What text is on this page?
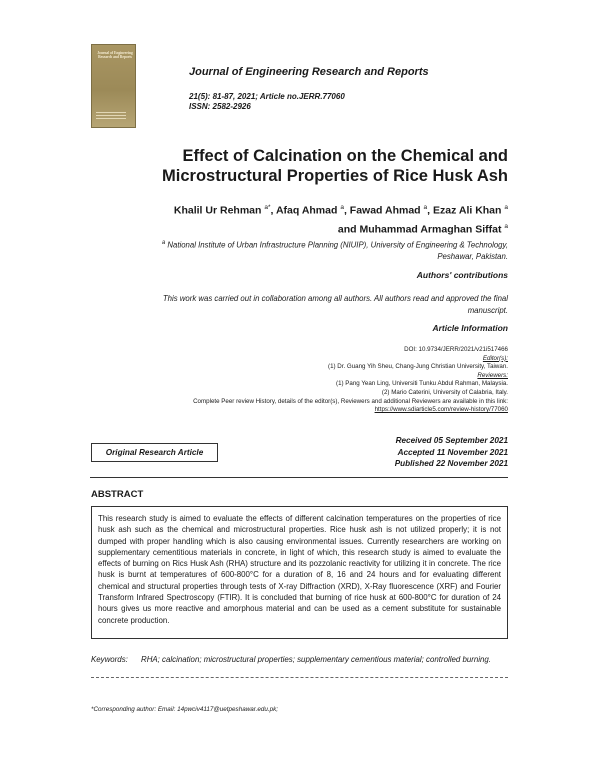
Journal of Engineering Research and Reports
Journal of Engineering Research and Reports
21(5): 81-87, 2021; Article no.JERR.77060
ISSN: 2582-2926
Effect of Calcination on the Chemical and
Microstructural Properties of Rice Husk Ash
Khalil Ur Rehman $^{a*}$, Afaq Ahmad $^a$, Fawad Ahmad $^a$, Ezaz Ali Khan $^a$
and Muhammad Armaghan Siffat $^a$
$^a$ National Institute of Urban Infrastructure Planning (NIUIP), University of Engineering & Technology,
Peshawar, Pakistan.
Authors' contributions
This work was carried out in collaboration among all authors. All authors read and approved the final
manuscript.
Article Information
DOI: 10.9734/JERR/2021/v21i517466
Editor(s):
(1) Dr. Guang Yih Sheu, Chang-Jung Christian University, Taiwan.
Reviewers:
(1) Pang Yean Ling, Universiti Tunku Abdul Rahman, Malaysia.
(2) Mario Caterini, University of Calabria, Italy.
Complete Peer review History, details of the editor(s), Reviewers and additional Reviewers are available in this link:
https://www.sdiarticle5.com/review-history/77060
Original Research Article
Received 05 September 2021
Accepted 11 November 2021
Published 22 November 2021
ABSTRACT
This research study is aimed to evaluate the effects of different calcination temperatures on the properties of rice husk ash such as the chemical and microstructural properties. Rice husk ash is not utilized properly; it is not dumped with proper handling which is also causing environmental issues. Currently researchers are working on supplementary cementitious materials in concrete, in light of which, this research study is aimed to evaluate the effects of burning on Rics Husk Ash (RHA) structure and its pozzolanic reactivity for utilizing it in concrete. The rice husk is burnt at temperatures of 600-800°C for a duration of 8, 16 and 24 hours and for evaluating different chemical and structural properties through tests of X-ray Diffraction (XRD), X-Ray fluorescence (XRF) and Fourier Transform Infrared Spectroscopy (FTIR). It is concluded that burning of rice husk at 600-800°C for duration of 24 hours gives us more reactive and amorphous material and can be used as a cement substitute for sustainable concrete production.
Keywords: RHA; calcination; microstructural properties; supplementary cementious material; controlled burning.
*Corresponding author: Email: 14pwciv4117@uetpeshawar.edu.pk;
